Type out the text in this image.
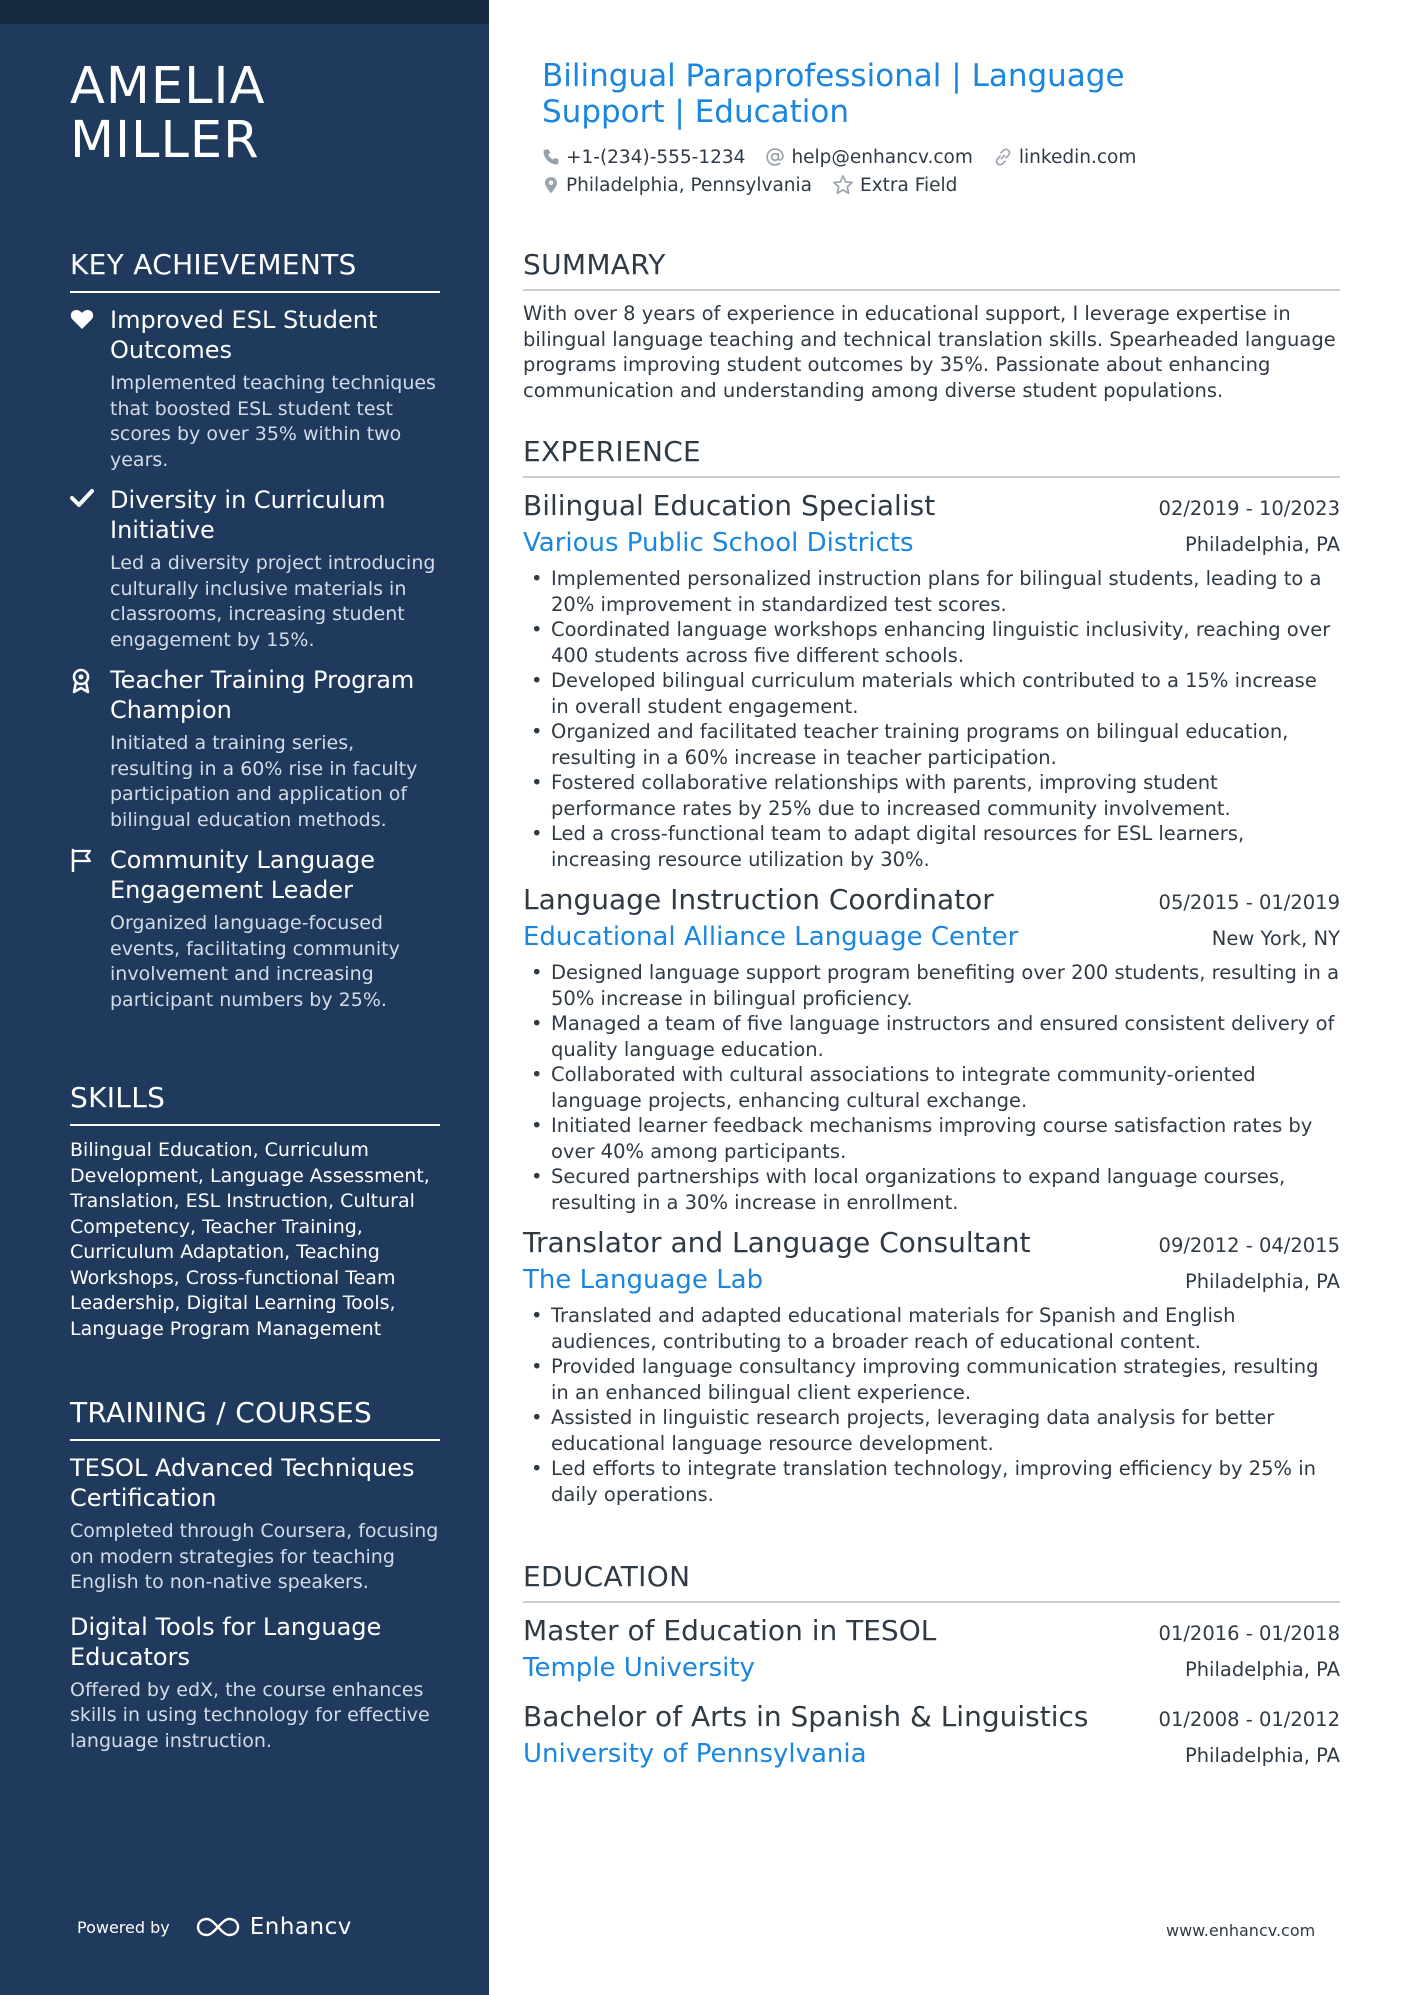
AMELIA
MILLER
KEY ACHIEVEMENTS
Improved ESL Student Outcomes
Implemented teaching techniques that boosted ESL student test scores by over 35% within two years.
Diversity in Curriculum Initiative
Led a diversity project introducing culturally inclusive materials in classrooms, increasing student engagement by 15%.
Teacher Training Program Champion
Initiated a training series, resulting in a 60% rise in faculty participation and application of bilingual education methods.
Community Language Engagement Leader
Organized language-focused events, facilitating community involvement and increasing participant numbers by 25%.
SKILLS
Bilingual Education, Curriculum Development, Language Assessment, Translation, ESL Instruction, Cultural Competency, Teacher Training, Curriculum Adaptation, Teaching Workshops, Cross-functional Team Leadership, Digital Learning Tools, Language Program Management
TRAINING / COURSES
TESOL Advanced Techniques Certification
Completed through Coursera, focusing on modern strategies for teaching English to non-native speakers.
Digital Tools for Language Educators
Offered by edX, the course enhances skills in using technology for effective language instruction.
Powered by	Enhancv
Bilingual Paraprofessional | Language Support | Education
+1-(234)-555-1234 help@enhancv.com linkedin.com
Philadelphia, Pennsylvania	Extra Field
SUMMARY
With over 8 years of experience in educational support, I leverage expertise in bilingual language teaching and technical translation skills. Spearheaded language programs improving student outcomes by 35%. Passionate about enhancing communication and understanding among diverse student populations.
EXPERIENCE
Bilingual Education Specialist	02/2019 - 10/2023
Various Public School Districts	Philadelphia, PA
• Implemented personalized instruction plans for bilingual students, leading to a 20% improvement in standardized test scores.
• Coordinated language workshops enhancing linguistic inclusivity, reaching over 400 students across five different schools.
• Developed bilingual curriculum materials which contributed to a 15% increase in overall student engagement.
• Organized and facilitated teacher training programs on bilingual education, resulting in a 60% increase in teacher participation.
• Fostered collaborative relationships with parents, improving student performance rates by 25% due to increased community involvement.
• Led a cross-functional team to adapt digital resources for ESL learners, increasing resource utilization by 30%.
Language Instruction Coordinator	05/2015 - 01/2019
Educational Alliance Language Center	New York, NY
• Designed language support program benefiting over 200 students, resulting in a 50% increase in bilingual proficiency.
• Managed a team of five language instructors and ensured consistent delivery of quality language education.
• Collaborated with cultural associations to integrate community-oriented language projects, enhancing cultural exchange.
• Initiated learner feedback mechanisms improving course satisfaction rates by over 40% among participants.
• Secured partnerships with local organizations to expand language courses, resulting in a 30% increase in enrollment.
Translator and Language Consultant	09/2012 - 04/2015
The Language Lab	Philadelphia, PA
• Translated and adapted educational materials for Spanish and English audiences, contributing to a broader reach of educational content.
• Provided language consultancy improving communication strategies, resulting in an enhanced bilingual client experience.
• Assisted in linguistic research projects, leveraging data analysis for better educational language resource development.
• Led efforts to integrate translation technology, improving efficiency by 25% in daily operations.
EDUCATION
Master of Education in TESOL	01/2016 - 01/2018
Temple University	Philadelphia, PA
Bachelor of Arts in Spanish & Linguistics	01/2008 - 01/2012
University of Pennsylvania	Philadelphia, PA
www.enhancv.com
